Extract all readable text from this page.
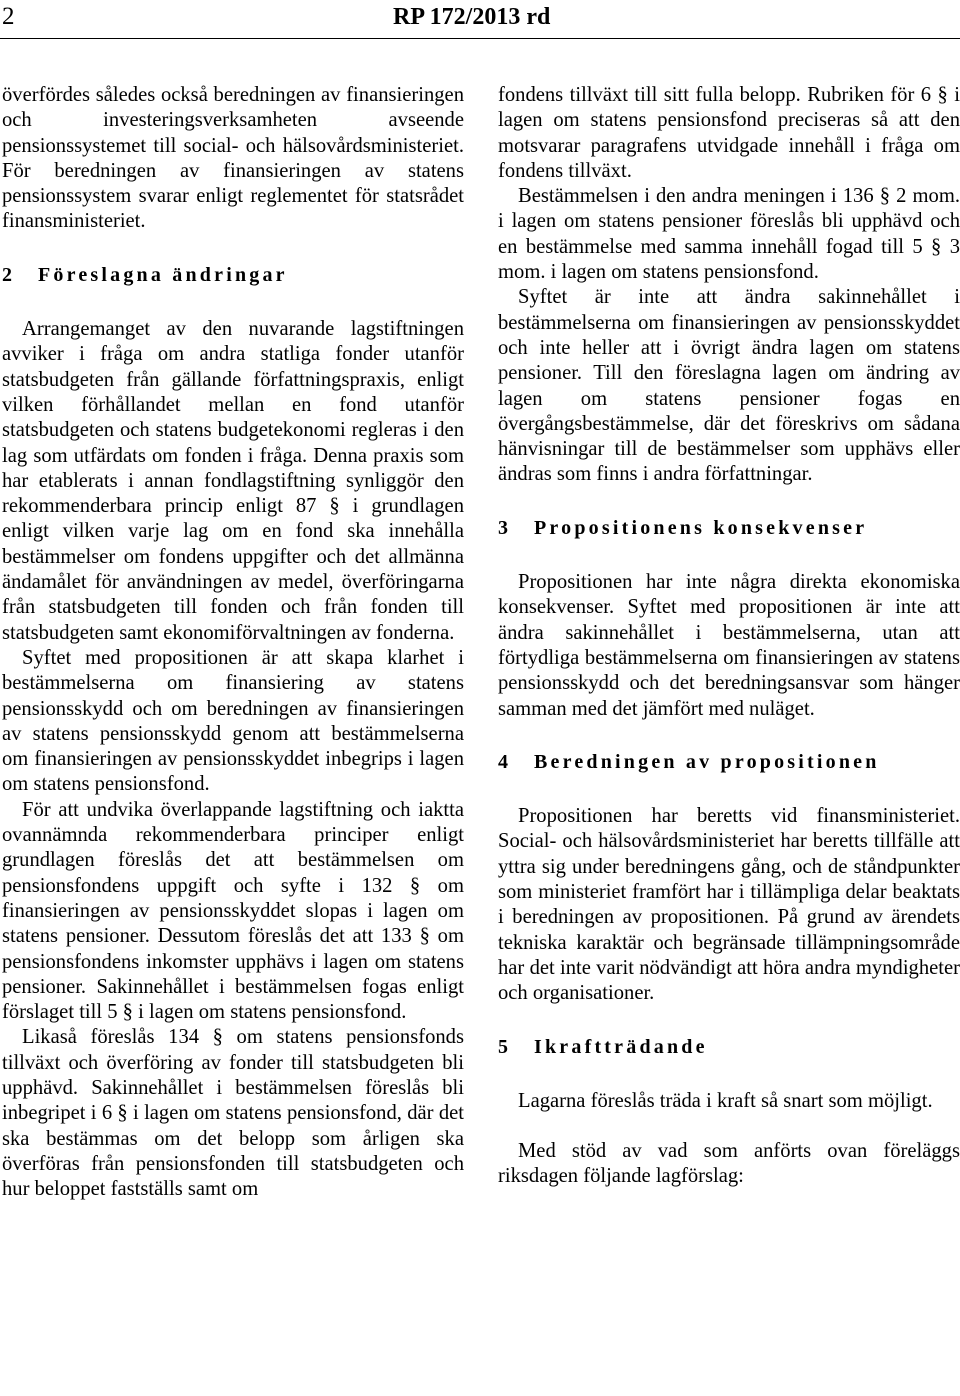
2	RP 172/2013 rd

överfördes således också beredningen av finansieringen och investeringsverksamheten avseende pensionssystemet till social- och hälsovårdsministeriet. För beredningen av finansieringen av statens pensionssystem svarar enligt reglementet för statsrådet finansministeriet.

2 Föreslagna ändringar

Arrangemanget av den nuvarande lagstiftningen avviker i fråga om andra statliga fonder utanför statsbudgeten från gällande författningspraxis, enligt vilken förhållandet mellan en fond utanför statsbudgeten och statens budgetekonomi regleras i den lag som utfärdats om fonden i fråga. Denna praxis som har etablerats i annan fondlagstiftning synliggör den rekommenderbara princip enligt 87 § i grundlagen enligt vilken varje lag om en fond ska innehålla bestämmelser om fondens uppgifter och det allmänna ändamålet för användningen av medel, överföringarna från statsbudgeten till fonden och från fonden till statsbudgeten samt ekonomiförvaltningen av fonderna.

Syftet med propositionen är att skapa klarhet i bestämmelserna om finansiering av statens pensionsskydd och om beredningen av finansieringen av statens pensionsskydd genom att bestämmelserna om finansieringen av pensionsskyddet inbegrips i lagen om statens pensionsfond.

För att undvika överlappande lagstiftning och iaktta ovannämnda rekommenderbara principer enligt grundlagen föreslås det att bestämmelsen om pensionsfondens uppgift och syfte i 132 § om finansieringen av pensionsskyddet slopas i lagen om statens pensioner. Dessutom föreslås det att 133 § om pensionsfondens inkomster upphävs i lagen om statens pensioner. Sakinnehållet i bestämmelsen fogas enligt förslaget till 5 § i lagen om statens pensionsfond.

Likaså föreslås 134 § om statens pensionsfonds tillväxt och överföring av fonder till statsbudgeten bli upphävd. Sakinnehållet i bestämmelsen föreslås bli inbegripet i 6 § i lagen om statens pensionsfond, där det ska bestämmas om det belopp som årligen ska överföras från pensionsfonden till statsbudgeten och hur beloppet fastställs samt om

fondens tillväxt till sitt fulla belopp. Rubriken för 6 § i lagen om statens pensionsfond preciseras så att den motsvarar paragrafens utvidgade innehåll i fråga om fondens tillväxt.

Bestämmelsen i den andra meningen i 136 § 2 mom. i lagen om statens pensioner föreslås bli upphävd och en bestämmelse med samma innehåll fogad till 5 § 3 mom. i lagen om statens pensionsfond.

Syftet är inte att ändra sakinnehållet i bestämmelserna om finansieringen av pensionsskyddet och inte heller att i övrigt ändra lagen om statens pensioner. Till den föreslagna lagen om ändring av lagen om statens pensioner fogas en övergångsbestämmelse, där det föreskrivs om sådana hänvisningar till de bestämmelser som upphävs eller ändras som finns i andra författningar.

3 Propositionens konsekvenser

Propositionen har inte några direkta ekonomiska konsekvenser. Syftet med propositionen är inte att ändra sakinnehållet i bestämmelserna, utan att förtydliga bestämmelserna om finansieringen av statens pensionsskydd och det beredningsansvar som hänger samman med det jämfört med nuläget.

4 Beredningen av propositionen

Propositionen har beretts vid finansministeriet. Social- och hälsovårdsministeriet har beretts tillfälle att yttra sig under beredningens gång, och de ståndpunkter som ministeriet framfört har i tillämpliga delar beaktats i beredningen av propositionen. På grund av ärendets tekniska karaktär och begränsade tillämpningsområde har det inte varit nödvändigt att höra andra myndigheter och organisationer.

5 Ikraftträdande

Lagarna föreslås träda i kraft så snart som möjligt.

Med stöd av vad som anförts ovan föreläggs riksdagen följande lagförslag:
